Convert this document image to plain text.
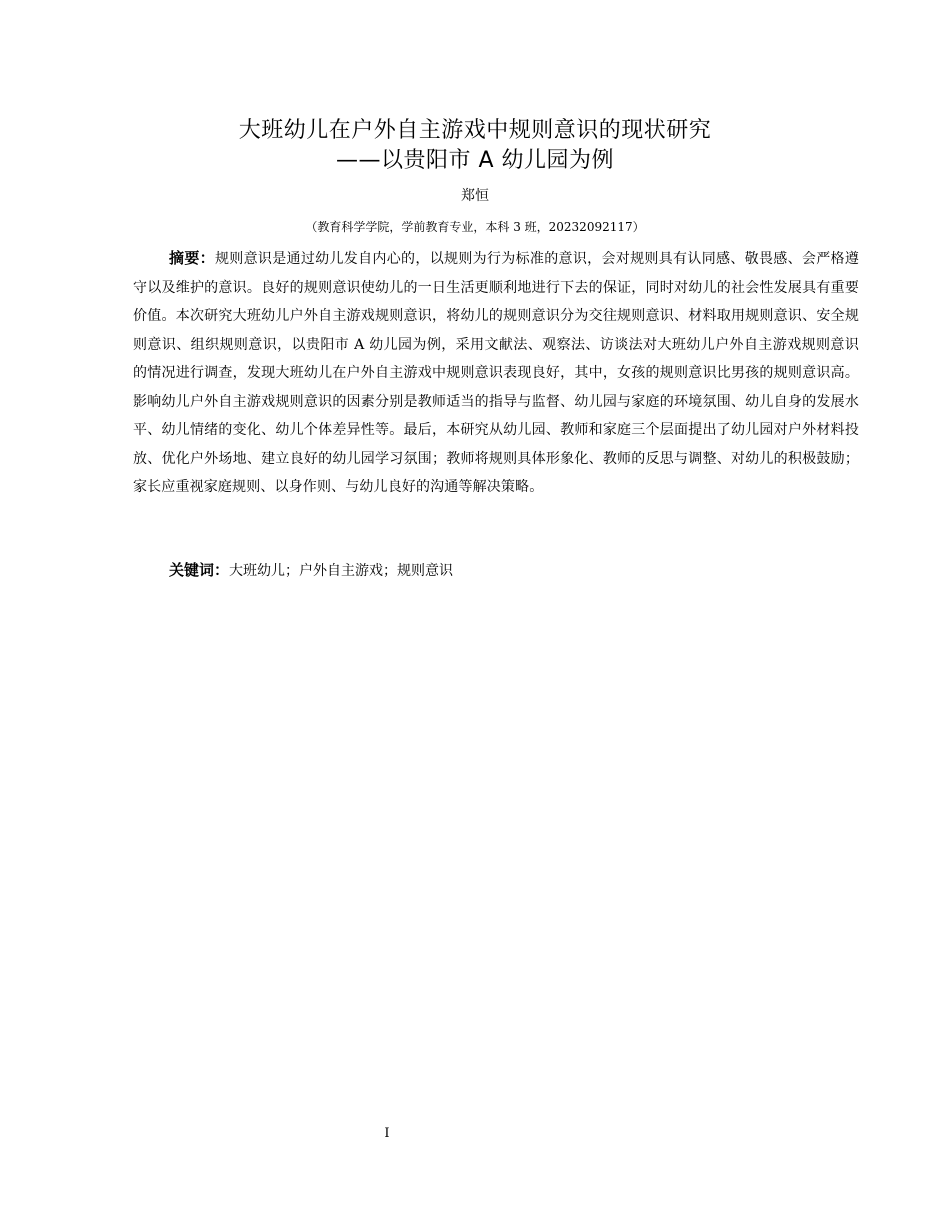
大班幼儿在户外自主游戏中规则意识的现状研究
——以贵阳市 A 幼儿园为例
郑恒
（教育科学学院，学前教育专业，本科 3 班，20232092117）

摘要：规则意识是通过幼儿发自内心的，以规则为行为标准的意识，会对规则具有认同感、敬畏感、会严格遵守以及维护的意识。良好的规则意识使幼儿的一日生活更顺利地进行下去的保证，同时对幼儿的社会性发展具有重要价值。本次研究大班幼儿户外自主游戏规则意识，将幼儿的规则意识分为交往规则意识、材料取用规则意识、安全规则意识、组织规则意识，以贵阳市 A 幼儿园为例，采用文献法、观察法、访谈法对大班幼儿户外自主游戏规则意识的情况进行调查，发现大班幼儿在户外自主游戏中规则意识表现良好，其中，女孩的规则意识比男孩的规则意识高。影响幼儿户外自主游戏规则意识的因素分别是教师适当的指导与监督、幼儿园与家庭的环境氛围、幼儿自身的发展水平、幼儿情绪的变化、幼儿个体差异性等。最后，本研究从幼儿园、教师和家庭三个层面提出了幼儿园对户外材料投放、优化户外场地、建立良好的幼儿园学习氛围；教师将规则具体形象化、教师的反思与调整、对幼儿的积极鼓励；家长应重视家庭规则、以身作则、与幼儿良好的沟通等解决策略。

关键词：大班幼儿；户外自主游戏；规则意识

I
